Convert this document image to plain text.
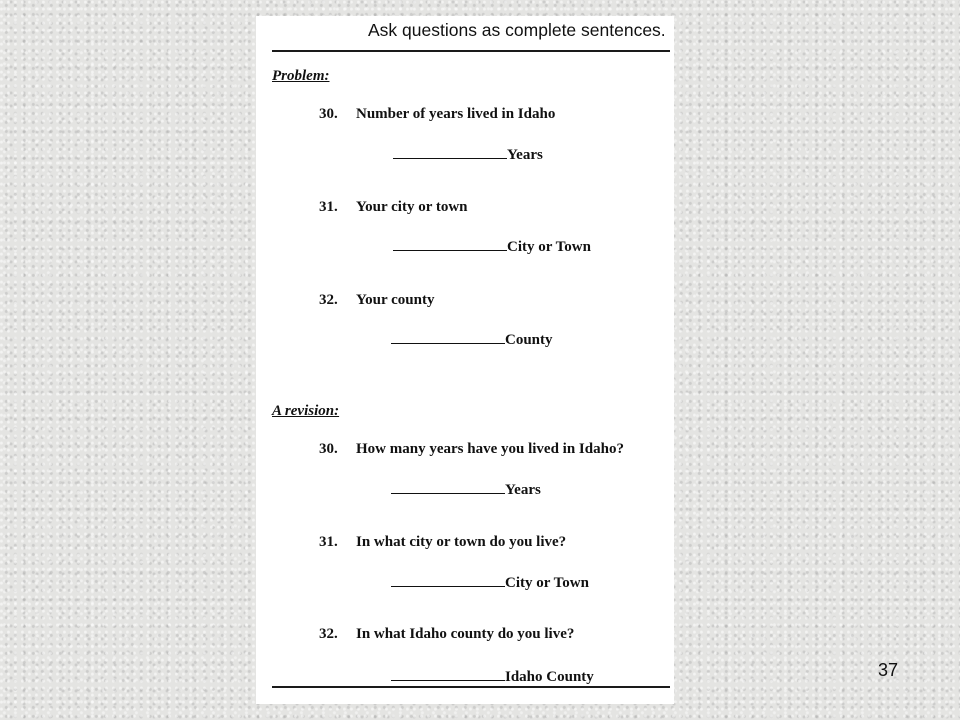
Ask questions as complete sentences.

Problem:

30. Number of years lived in Idaho
Years
31. Your city or town
City or Town
32. Your county
County

A revision:

30. How many years have you lived in Idaho?
Years
31. In what city or town do you live?
City or Town
32. In what Idaho county do you live?
Idaho County	37
